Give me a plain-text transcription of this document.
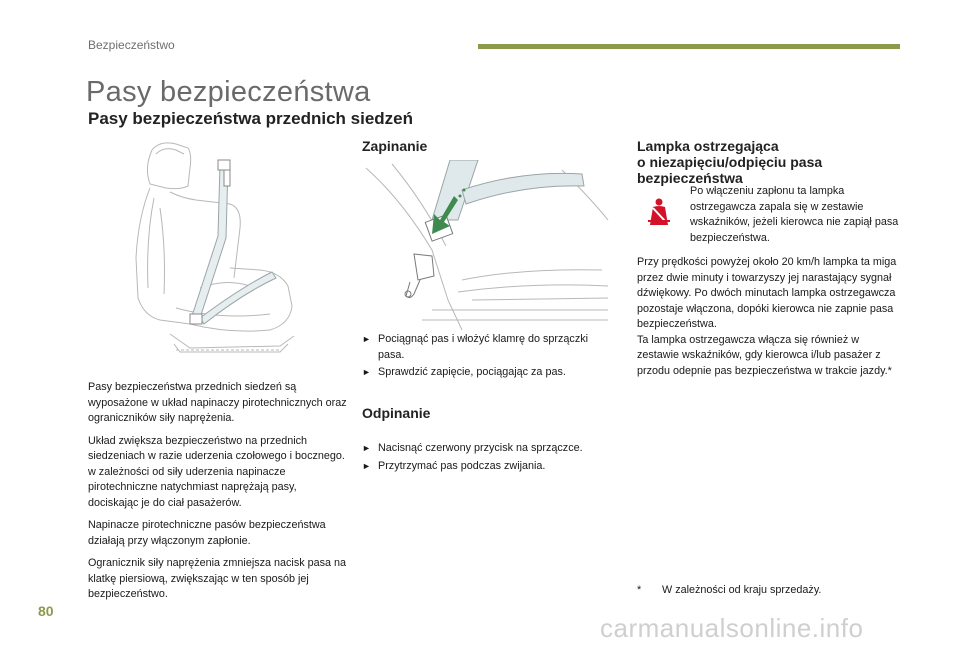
Bezpieczeństwo
Pasy bezpieczeństwa
Pasy bezpieczeństwa przednich siedzeń

Pasy bezpieczeństwa przednich siedzeń są wyposażone w układ napinaczy pirotechnicznych oraz ograniczników siły naprężenia.

Układ zwiększa bezpieczeństwo na przednich siedzeniach w razie uderzenia czołowego i bocznego. w zależności od siły uderzenia napinacze pirotechniczne natychmiast naprężają pasy, dociskając je do ciał pasażerów.

Napinacze pirotechniczne pasów bezpieczeństwa działają przy włączonym zapłonie.

Ogranicznik siły naprężenia zmniejsza nacisk pasa na klatkę piersiową, zwiększając w ten sposób jej bezpieczeństwo.

Zapinanie
► Pociągnąć pas i włożyć klamrę do sprzączki pasa.
► Sprawdzić zapięcie, pociągając za pas.
Odpinanie
► Nacisnąć czerwony przycisk na sprzączce.
► Przytrzymać pas podczas zwijania.
Lampka ostrzegająca
o niezapięciu/odpięciu pasa
bezpieczeństwa
Po włączeniu zapłonu ta lampka ostrzegawcza zapala się w zestawie wskaźników, jeżeli kierowca nie zapiął pasa bezpieczeństwa.
Przy prędkości powyżej około 20 km/h lampka ta miga przez dwie minuty i towarzyszy jej narastający sygnał dźwiękowy. Po dwóch minutach lampka ostrzegawcza pozostaje włączona, dopóki kierowca nie zapnie pasa bezpieczeństwa.
Ta lampka ostrzegawcza włącza się również w zestawie wskaźników, gdy kierowca i/lub pasażer z przodu odepnie pas bezpieczeństwa w trakcie jazdy.*
* W zależności od kraju sprzedaży.
80
carmanualsonline.info
